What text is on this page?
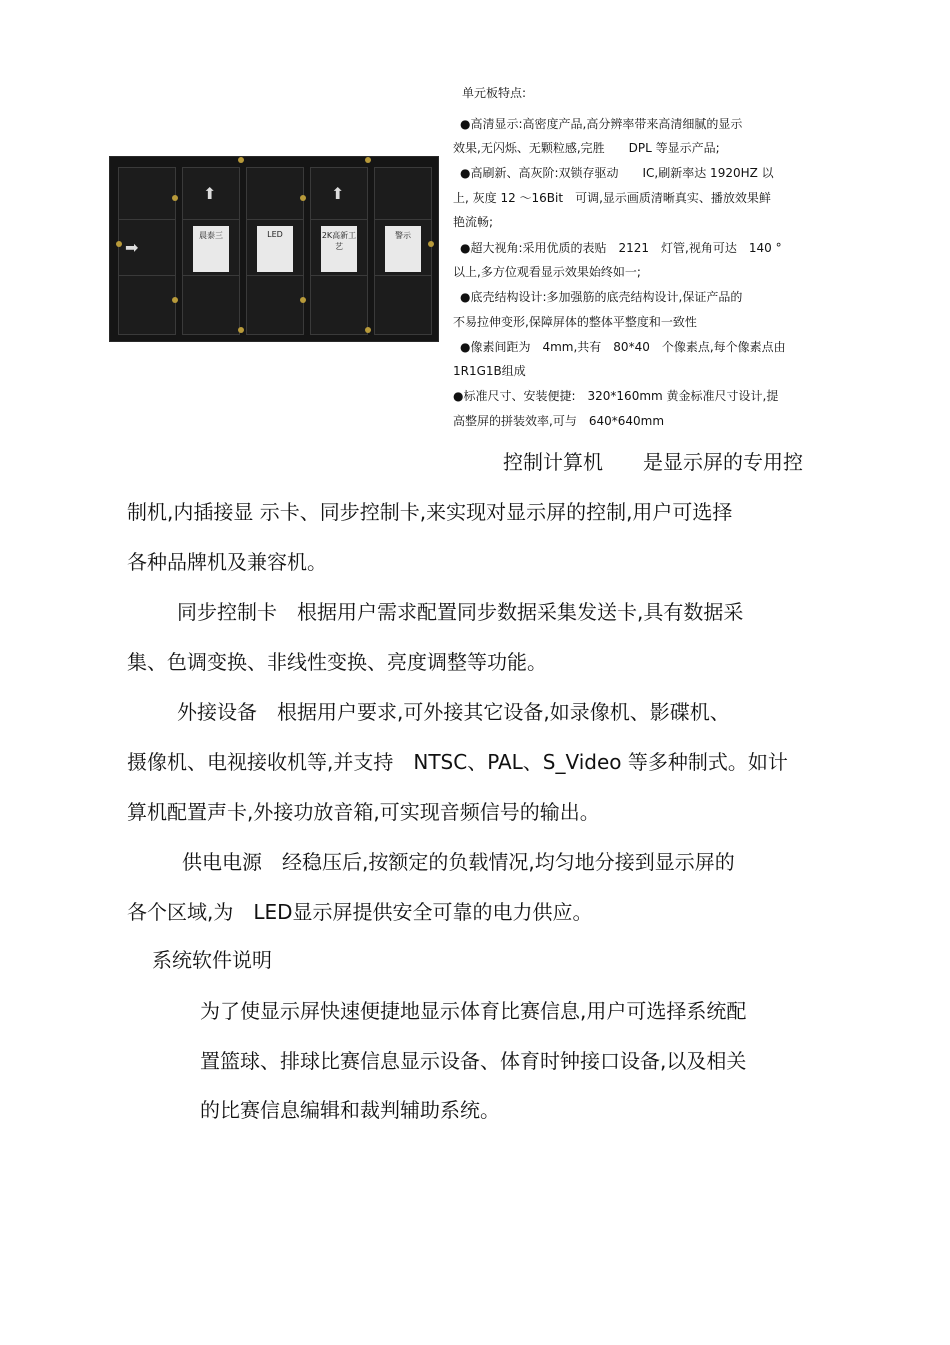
⬆	⬆
➡
晨泰三	LED	2K高新工艺
警示
单元板特点:
●高清显示:高密度产品,高分辨率带来高清细腻的显示
效果,无闪烁、无颗粒感,完胜　　DPL 等显示产品;
●高刷新、高灰阶:双锁存驱动　　IC,刷新率达 1920HZ 以
上, 灰度 12 ～16Bit　可调,显示画质清晰真实、播放效果鲜
艳流畅;
●超大视角:采用优质的表贴　2121　灯管,视角可达　140 °
以上,多方位观看显示效果始终如一;
●底壳结构设计:多加强筋的底壳结构设计,保证产品的
不易拉伸变形,保障屏体的整体平整度和一致性
●像素间距为　4mm,共有　80*40　个像素点,每个像素点由
1R1G1B组成
●标准尺寸、安装便捷:　320*160mm 黄金标准尺寸设计,提
高整屏的拼装效率,可与　640*640mm
控制计算机　　是显示屏的专用控
制机,内插接显 示卡、同步控制卡,来实现对显示屏的控制,用户可选择
各种品牌机及兼容机。
同步控制卡　根据用户需求配置同步数据采集发送卡,具有数据采
集、色调变换、非线性变换、亮度调整等功能。
外接设备　根据用户要求,可外接其它设备,如录像机、影碟机、
摄像机、电视接收机等,并支持　NTSC、PAL、S_Video 等多种制式。如计
算机配置声卡,外接功放音箱,可实现音频信号的输出。
供电电源　经稳压后,按额定的负载情况,均匀地分接到显示屏的
各个区域,为　LED显示屏提供安全可靠的电力供应。
系统软件说明
为了使显示屏快速便捷地显示体育比赛信息,用户可选择系统配
置篮球、排球比赛信息显示设备、体育时钟接口设备,以及相关
的比赛信息编辑和裁判辅助系统。
